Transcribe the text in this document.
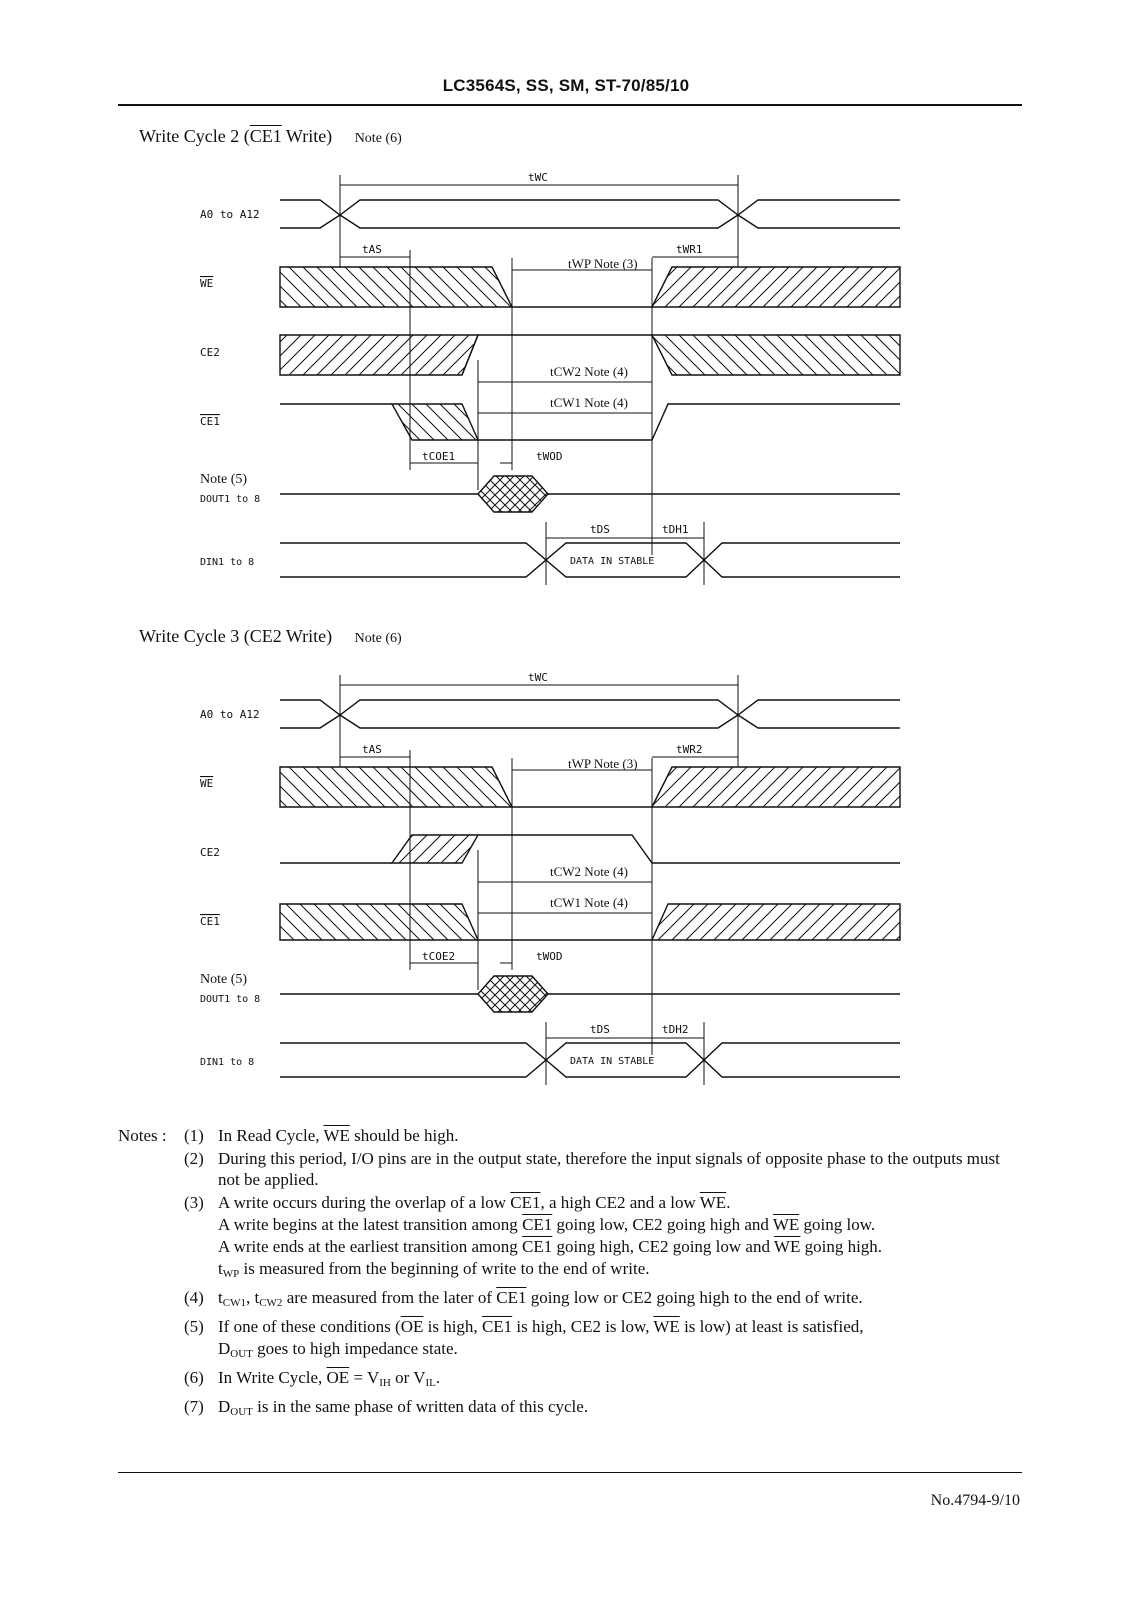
LC3564S, SS, SM, ST-70/85/10
Write Cycle 2 (CE1 Write) Note (6)
A0 to A12
WE
CE2
CE1
Note (5)
DOUT1 to 8
DIN1 to 8
tWC
tAS	tWR1
tWP Note (3)
tCW2 Note (4)
tCW1 Note (4)
tCOE1	tWOD
tDS	tDH1
DATA IN STABLE
Write Cycle 3 (CE2 Write) Note (6)
A0 to A12
WE
CE2
CE1
Note (5)
DOUT1 to 8
DIN1 to 8
tWC
tAS	tWR2
tWP Note (3)
tCW2 Note (4)
tCW1 Note (4)
tCOE2	tWOD
tDS	tDH2
DATA IN STABLE
Notes : (1) In Read Cycle, $\overline{WE}$ should be high.

(2) During this period, I/O pins are in the output state, therefore the input signals of opposite phase to the outputs must not be applied.

(3) A write occurs during the overlap of a low CE1, a high CE2 and a low $\overline{WE}$.

A write begins at the latest transition among CE1 going low, CE2 going high and $\overline{WE}$ going low.

A write ends at the earliest transition among CE1 going high, CE2 going low and $\overline{WE}$ going high.

$t_{WP}$ is measured from the beginning of write to the end of write.

(4) $t_{CW1}$, $t_{CW2}$ are measured from the later of CE1 going low or CE2 going high to the end of write.

(5) If one of these conditions ($\overline{OE}$ is high, CE1 is high, CE2 is low, $\overline{WE}$ is low) at least is satisfied,

$D_{OUT}$ goes to high impedance state.

(6) In Write Cycle, $\overline{OE} = V_{IH}$ or $V_{IL}$.

(7) $D_{OUT}$ is in the same phase of written data of this cycle.

No.4794-9/10
